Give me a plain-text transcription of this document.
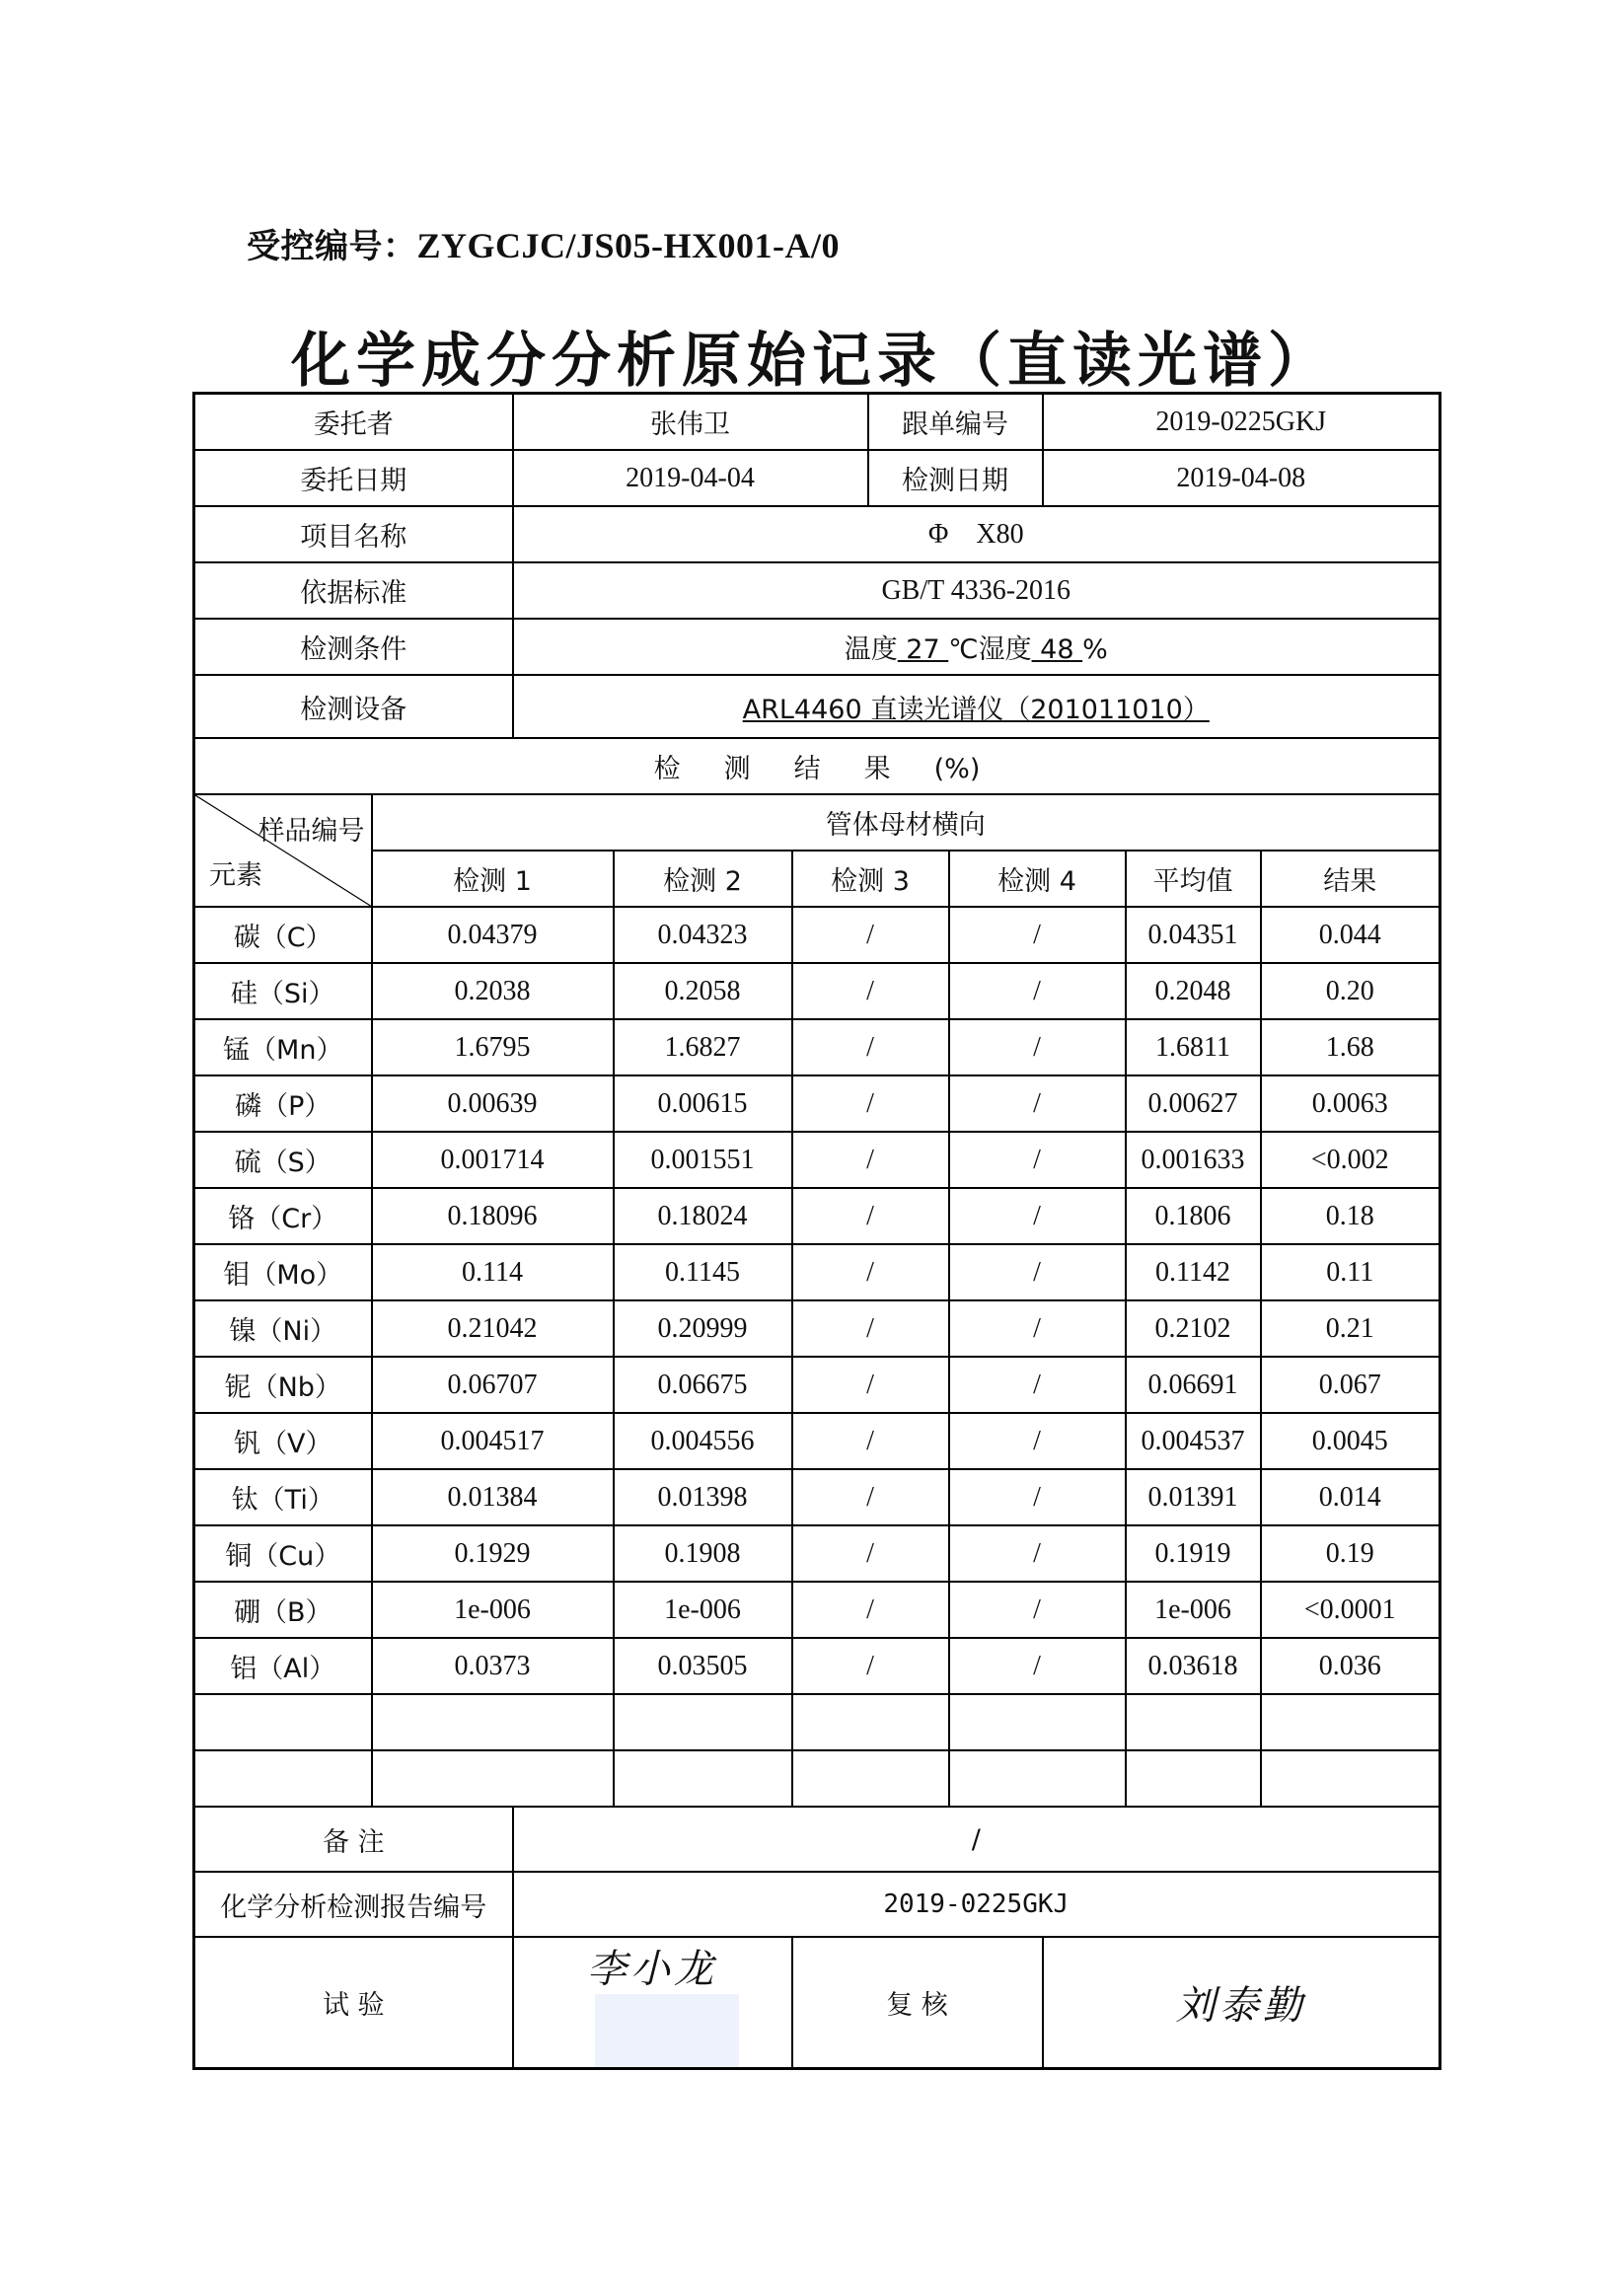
受控编号：ZYGCJC/JS05-HX001-A/0
化学成分分析原始记录（直读光谱）
委托者		张伟卫			跟单编号		2019-0225GKJ		
委托日期		2019-04-04			检测日期		2019-04-08		
项目名称		Φ    X80							
依据标准		GB/T 4336-2016							
检测条件		温度 27 ℃湿度 48 %							
检测设备		ARL4460 直读光谱仪（201011010）							
检 测 结 果 (%)									

样品编号
元素	管体母材横向								
	检测 1		检测 2	检测 3		检测 4		平均值	结果
碳（C）	0.04379		0.04323	/		/		0.04351	0.044
硅（Si）	0.2038		0.2058	/		/		0.2048	0.20
锰（Mn）	1.6795		1.6827	/		/		1.6811	1.68
磷（P）	0.00639		0.00615	/		/		0.00627	0.0063
硫（S）	0.001714		0.001551	/		/		0.001633	<0.002
铬（Cr）	0.18096		0.18024	/		/		0.1806	0.18
钼（Mo）	0.114		0.1145	/		/		0.1142	0.11
镍（Ni）	0.21042		0.20999	/		/		0.2102	0.21
铌（Nb）	0.06707		0.06675	/		/		0.06691	0.067
钒（V）	0.004517		0.004556	/		/		0.004537	0.0045
钛（Ti）	0.01384		0.01398	/		/		0.01391	0.014
铜（Cu）	0.1929		0.1908	/		/		0.1919	0.19
硼（B）	1e-006		1e-006	/		/		1e-006	<0.0001
铝（Al）	0.0373		0.03505	/		/		0.03618	0.036

备 注		/							
化学分析检测报告编号		2019-0225GKJ							
试 验		李小龙		复 核			刘泰勤		
